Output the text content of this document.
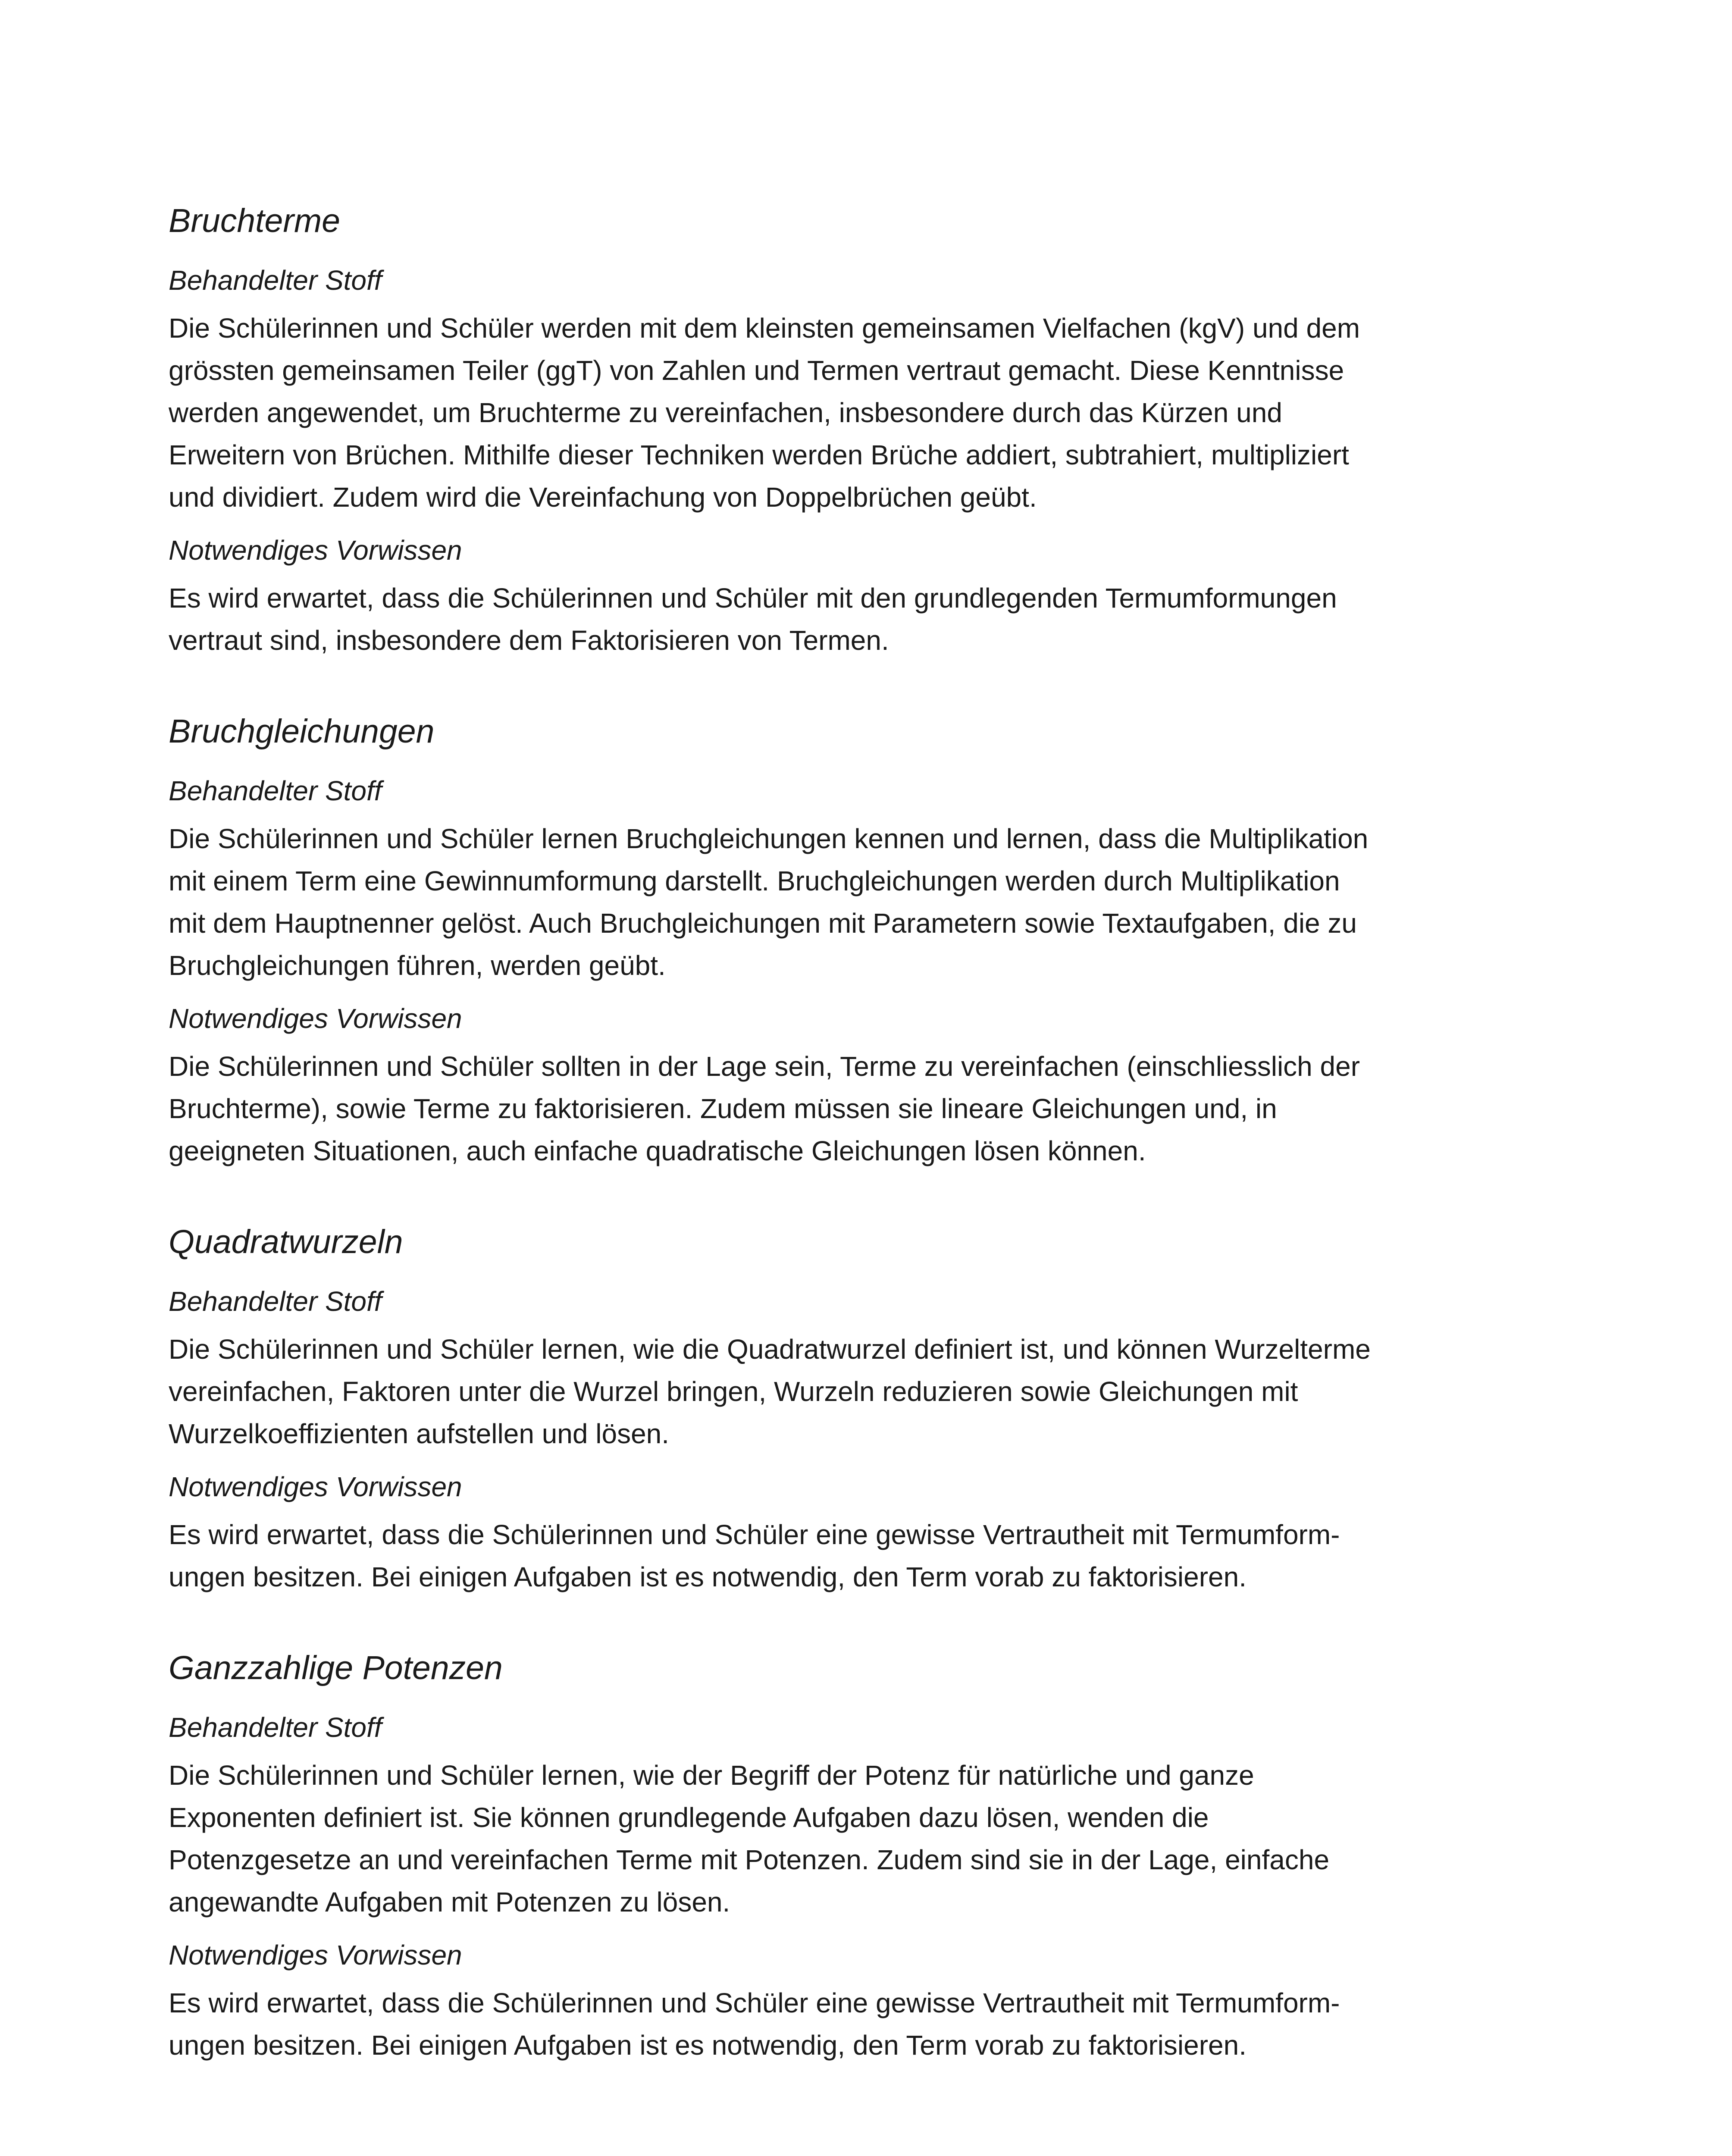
Bruchterme
Behandelter Stoff
Die Schülerinnen und Schüler werden mit dem kleinsten gemeinsamen Vielfachen (kgV) und dem
grössten gemeinsamen Teiler (ggT) von Zahlen und Termen vertraut gemacht. Diese Kenntnisse
werden angewendet, um Bruchterme zu vereinfachen, insbesondere durch das Kürzen und
Erweitern von Brüchen. Mithilfe dieser Techniken werden Brüche addiert, subtrahiert, multipliziert
und dividiert. Zudem wird die Vereinfachung von Doppelbrüchen geübt.
Notwendiges Vorwissen
Es wird erwartet, dass die Schülerinnen und Schüler mit den grundlegenden Termumformungen
vertraut sind, insbesondere dem Faktorisieren von Termen.
Bruchgleichungen
Behandelter Stoff
Die Schülerinnen und Schüler lernen Bruchgleichungen kennen und lernen, dass die Multiplikation
mit einem Term eine Gewinnumformung darstellt. Bruchgleichungen werden durch Multiplikation
mit dem Hauptnenner gelöst. Auch Bruchgleichungen mit Parametern sowie Textaufgaben, die zu
Bruchgleichungen führen, werden geübt.
Notwendiges Vorwissen
Die Schülerinnen und Schüler sollten in der Lage sein, Terme zu vereinfachen (einschliesslich der
Bruchterme), sowie Terme zu faktorisieren. Zudem müssen sie lineare Gleichungen und, in
geeigneten Situationen, auch einfache quadratische Gleichungen lösen können.
Quadratwurzeln
Behandelter Stoff
Die Schülerinnen und Schüler lernen, wie die Quadratwurzel definiert ist, und können Wurzelterme
vereinfachen, Faktoren unter die Wurzel bringen, Wurzeln reduzieren sowie Gleichungen mit
Wurzelkoeffizienten aufstellen und lösen.
Notwendiges Vorwissen
Es wird erwartet, dass die Schülerinnen und Schüler eine gewisse Vertrautheit mit Termumform-
ungen besitzen. Bei einigen Aufgaben ist es notwendig, den Term vorab zu faktorisieren.
Ganzzahlige Potenzen
Behandelter Stoff
Die Schülerinnen und Schüler lernen, wie der Begriff der Potenz für natürliche und ganze
Exponenten definiert ist. Sie können grundlegende Aufgaben dazu lösen, wenden die
Potenzgesetze an und vereinfachen Terme mit Potenzen. Zudem sind sie in der Lage, einfache
angewandte Aufgaben mit Potenzen zu lösen.
Notwendiges Vorwissen
Es wird erwartet, dass die Schülerinnen und Schüler eine gewisse Vertrautheit mit Termumform-
ungen besitzen. Bei einigen Aufgaben ist es notwendig, den Term vorab zu faktorisieren.
